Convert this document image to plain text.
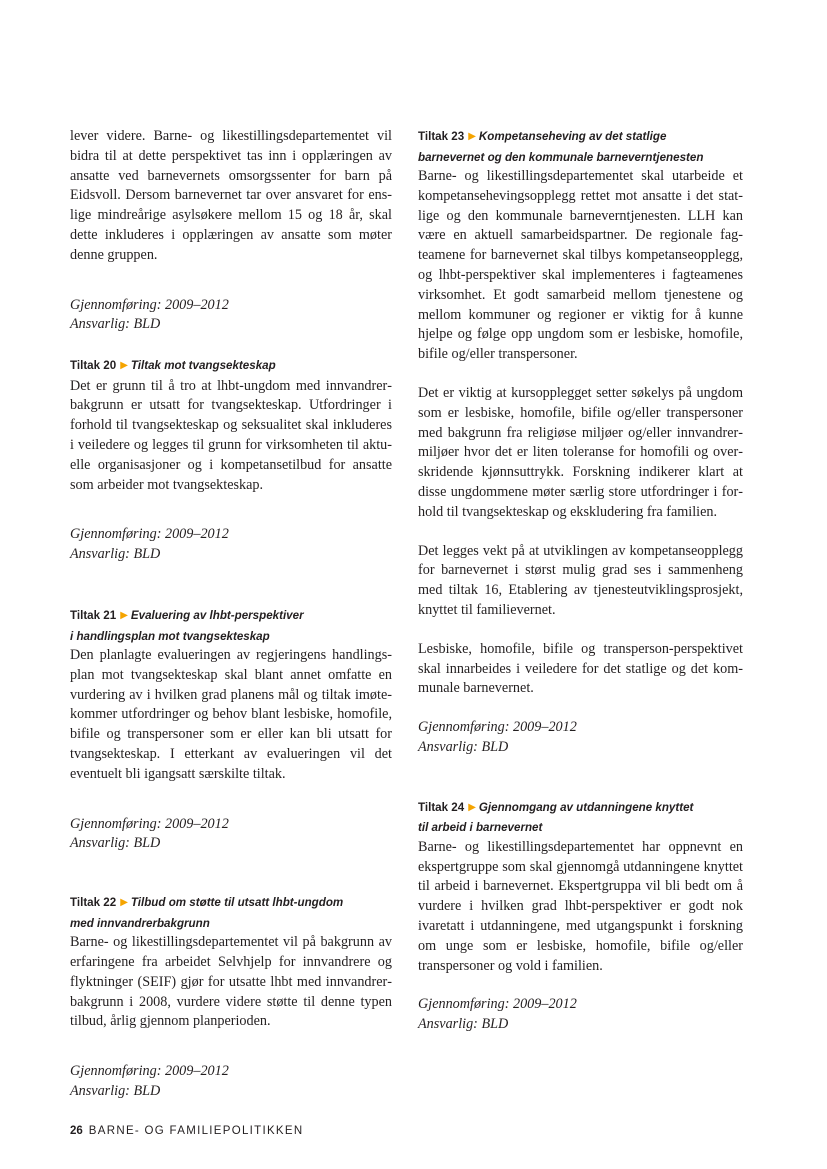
lever videre. Barne- og likestillingsdepartementet vil bidra til at dette perspektivet tas inn i opplæringen av ansatte ved barnevernets omsorgssenter for barn på Eidsvoll. Dersom barnevernet tar over ansvaret for enslige mindreårige asylsøkere mellom 15 og 18 år, skal dette inkluderes i opplæringen av ansatte som møter denne gruppen.

Gjennomføring: 2009–2012

Ansvarlig: BLD

Tiltak 20 ▶ Tiltak mot tvangsekteskap

Det er grunn til å tro at lhbt-ungdom med innvandrerbakgrunn er utsatt for tvangsekteskap. Utfordringer i forhold til tvangsekteskap og seksualitet skal inkluderes i veiledere og legges til grunn for virksomheten til aktuelle organisasjoner og i kompetansetilbud for ansatte som arbeider mot tvangsekteskap.

Gjennomføring: 2009–2012

Ansvarlig: BLD

Tiltak 21 ▶ Evaluering av lhbt-perspektiver
i handlingsplan mot tvangsekteskap

Den planlagte evalueringen av regjeringens handlingsplan mot tvangsekteskap skal blant annet omfatte en vurdering av i hvilken grad planens mål og tiltak imøtekommer utfordringer og behov blant lesbiske, homofile, bifile og transpersoner som er eller kan bli utsatt for tvangsekteskap. I etterkant av evalueringen vil det eventuelt bli igangsatt særskilte tiltak.

Gjennomføring: 2009–2012

Ansvarlig: BLD

Tiltak 22 ▶ Tilbud om støtte til utsatt lhbt-ungdom
med innvandrerbakgrunn

Barne- og likestillingsdepartementet vil på bakgrunn av erfaringene fra arbeidet Selvhjelp for innvandrere og flyktninger (SEIF) gjør for utsatte lhbt med innvandrerbakgrunn i 2008, vurdere videre støtte til denne typen tilbud, årlig gjennom planperioden.

Gjennomføring: 2009–2012

Ansvarlig: BLD

Tiltak 23 ▶ Kompetanseheving av det statlige
barnevernet og den kommunale barneverntjenesten

Barne- og likestillingsdepartementet skal utarbeide et kompetansehevingsopplegg rettet mot ansatte i det statlige og den kommunale barneverntjenesten. LLH kan være en aktuell samarbeidspartner. De regionale fagteamene for barnevernet skal tilbys kompetanseopplegg, og lhbt-perspektiver skal implementeres i fagteamenes virksomhet. Et godt samarbeid mellom tjenestene og mellom kommuner og regioner er viktig for å kunne hjelpe og følge opp ungdom som er lesbiske, homofile, bifile og/eller transpersoner.

Det er viktig at kursopplegget setter søkelys på ungdom som er lesbiske, homofile, bifile og/eller transpersoner med bakgrunn fra religiøse miljøer og/eller innvandrermiljøer hvor det er liten toleranse for homofili og overskridende kjønnsuttrykk. Forskning indikerer klart at disse ungdommene møter særlig store utfordringer i forhold til tvangsekteskap og ekskludering fra familien.

Det legges vekt på at utviklingen av kompetanseopplegg for barnevernet i størst mulig grad ses i sammenheng med tiltak 16, Etablering av tjenesteutviklingsprosjekt, knyttet til familievernet.

Lesbiske, homofile, bifile og transperson-perspektivet skal innarbeides i veiledere for det statlige og det kommunale barnevernet.

Gjennomføring: 2009–2012

Ansvarlig: BLD

Tiltak 24 ▶ Gjennomgang av utdanningene knyttet
til arbeid i barnevernet

Barne- og likestillingsdepartementet har oppnevnt en ekspertgruppe som skal gjennomgå utdanningene knyttet til arbeid i barnevernet. Ekspertgruppa vil bli bedt om å vurdere i hvilken grad lhbt-perspektiver er godt nok ivaretatt i utdanningene, med utgangspunkt i forskning om unge som er lesbiske, homofile, bifile og/eller transpersoner og vold i familien.

Gjennomføring: 2009–2012

Ansvarlig: BLD

26 BARNE- OG FAMILIEPOLITIKKEN
